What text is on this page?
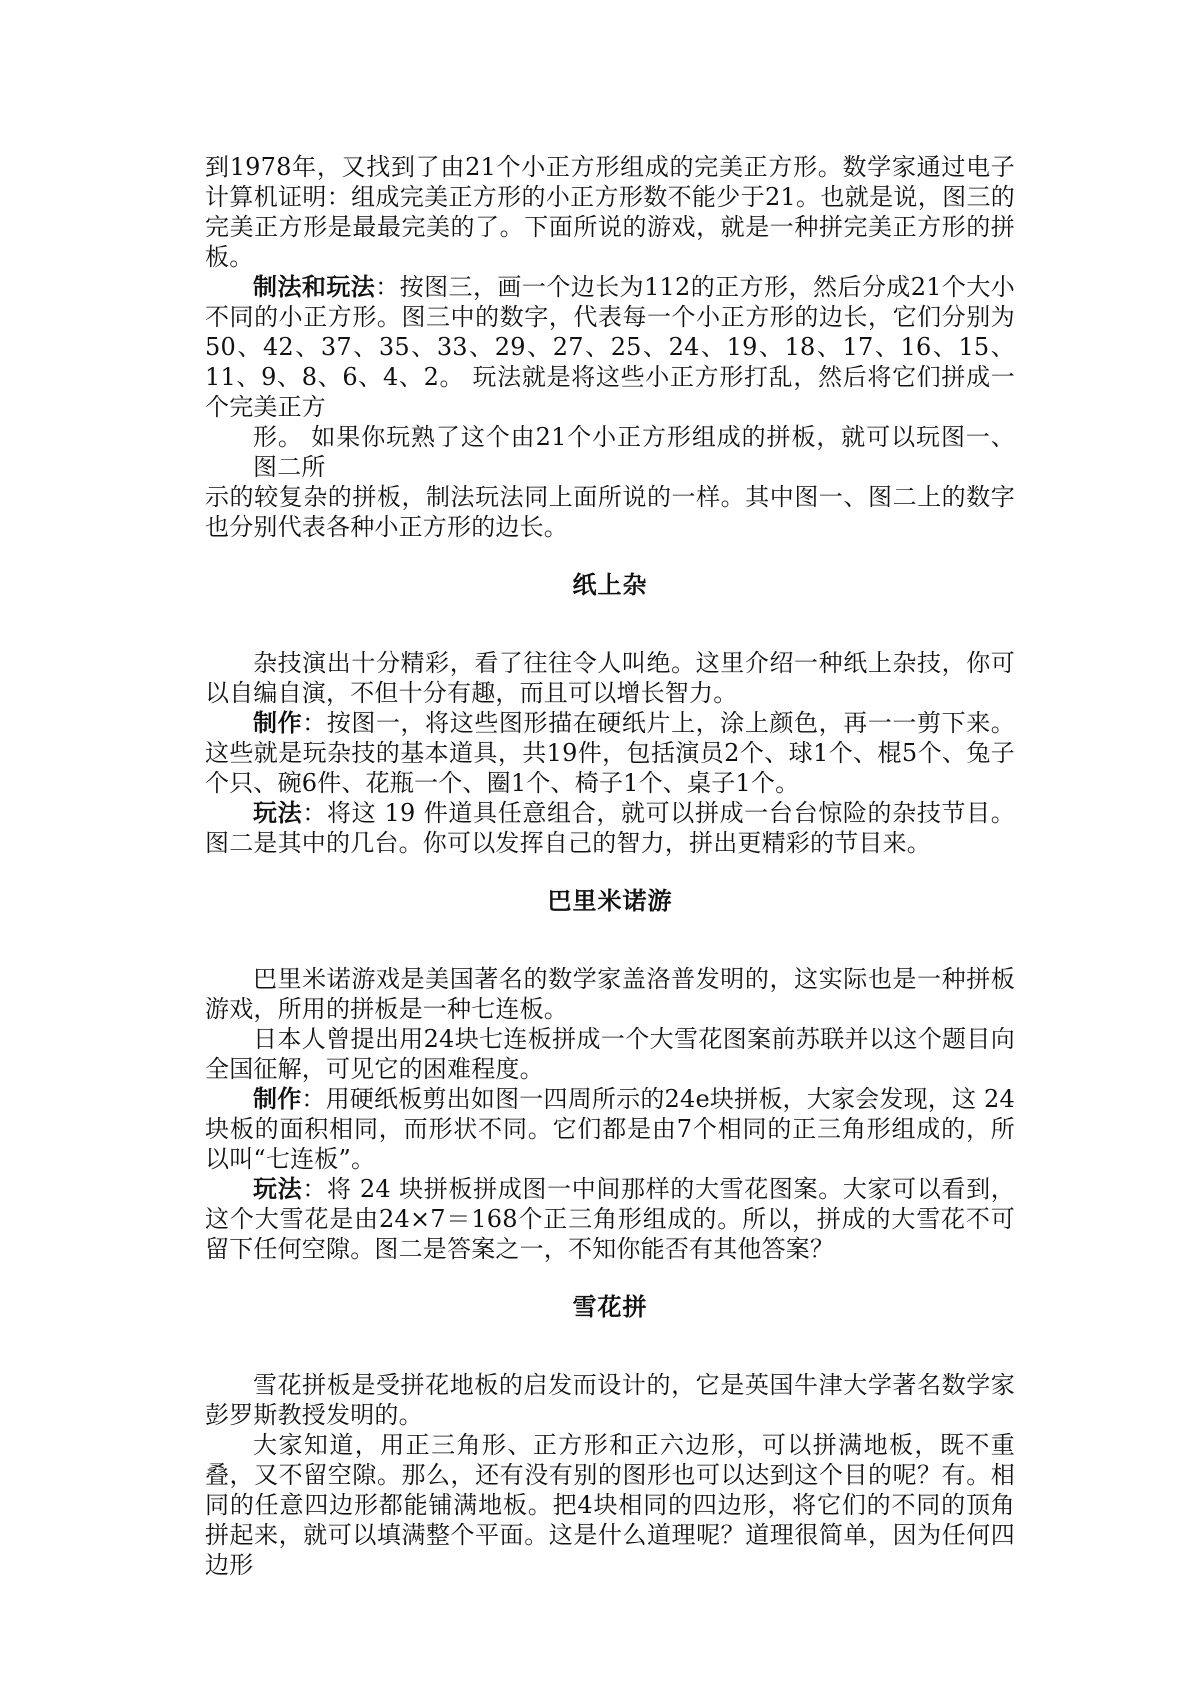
到1978年，又找到了由21个小正方形组成的完美正方形。数学家通过电子计算机证明：组成完美正方形的小正方形数不能少于21。也就是说，图三的完美正方形是最最完美的了。下面所说的游戏，就是一种拼完美正方形的拼板。

制法和玩法：按图三，画一个边长为112的正方形，然后分成21个大小不同的小正方形。图三中的数字，代表每一个小正方形的边长，它们分别为50、42、37、35、33、29、27、25、24、19、18、17、16、15、11、9、8、6、4、2。 玩法就是将这些小正方形打乱，然后将它们拼成一个完美正方

形。 如果你玩熟了这个由21个小正方形组成的拼板，就可以玩图一、图二所

示的较复杂的拼板，制法玩法同上面所说的一样。其中图一、图二上的数字也分别代表各种小正方形的边长。

纸上杂

杂技演出十分精彩，看了往往令人叫绝。这里介绍一种纸上杂技，你可以自编自演，不但十分有趣，而且可以增长智力。

制作：按图一，将这些图形描在硬纸片上，涂上颜色，再一一剪下来。 这些就是玩杂技的基本道具，共19件，包括演员2个、球1个、棍5个、兔子个只、碗6件、花瓶一个、圈1个、椅子1个、桌子1个。

玩法：将这 19 件道具任意组合，就可以拼成一台台惊险的杂技节目。图二是其中的几台。你可以发挥自己的智力，拼出更精彩的节目来。

巴里米诺游

巴里米诺游戏是美国著名的数学家盖洛普发明的，这实际也是一种拼板游戏，所用的拼板是一种七连板。

日本人曾提出用24块七连板拼成一个大雪花图案前苏联并以这个题目向全国征解，可见它的困难程度。

制作：用硬纸板剪出如图一四周所示的24e块拼板，大家会发现，这 24 块板的面积相同，而形状不同。它们都是由7个相同的正三角形组成的，所以叫“七连板”。

玩法：将 24 块拼板拼成图一中间那样的大雪花图案。大家可以看到，这个大雪花是由24×7＝168个正三角形组成的。所以，拼成的大雪花不可留下任何空隙。图二是答案之一，不知你能否有其他答案？

雪花拼

雪花拼板是受拼花地板的启发而设计的，它是英国牛津大学著名数学家彭罗斯教授发明的。

大家知道，用正三角形、正方形和正六边形，可以拼满地板，既不重叠，又不留空隙。那么，还有没有别的图形也可以达到这个目的呢？有。相同的任意四边形都能铺满地板。把4块相同的四边形，将它们的不同的顶角拼起来，就可以填满整个平面。这是什么道理呢？道理很简单，因为任何四边形
